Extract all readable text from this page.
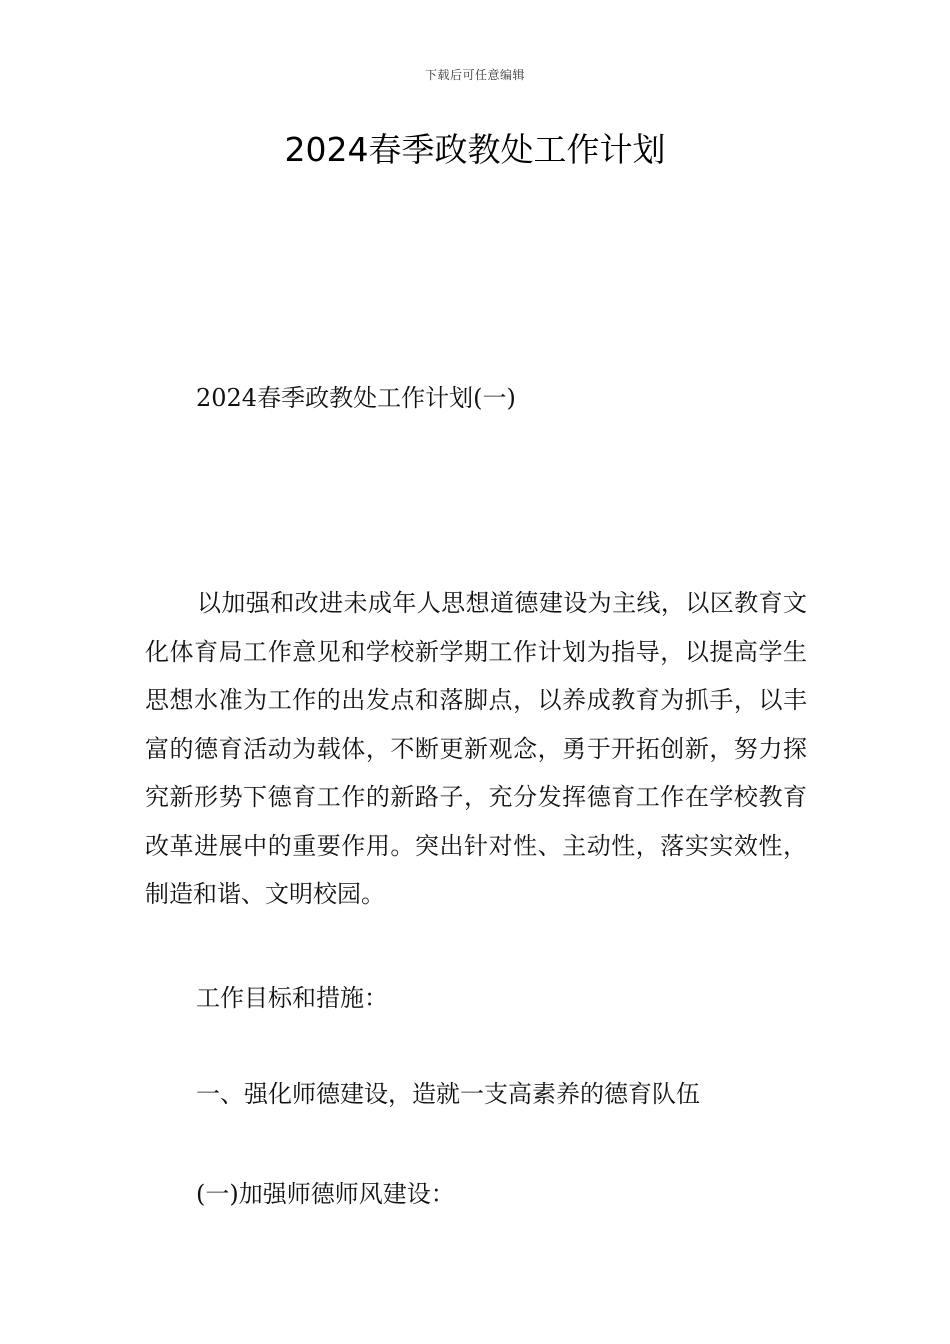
下载后可任意编辑
2024春季政教处工作计划
2024春季政教处工作计划(一)

以加强和改进未成年人思想道德建设为主线，以区教育文化体育局工作意见和学校新学期工作计划为指导，以提高学生思想水准为工作的出发点和落脚点，以养成教育为抓手，以丰富的德育活动为载体，不断更新观念，勇于开拓创新，努力探究新形势下德育工作的新路子，充分发挥德育工作在学校教育改革进展中的重要作用。突出针对性、主动性，落实实效性，制造和谐、文明校园。

工作目标和措施：
一、强化师德建设，造就一支高素养的德育队伍
(一)加强师德师风建设：
